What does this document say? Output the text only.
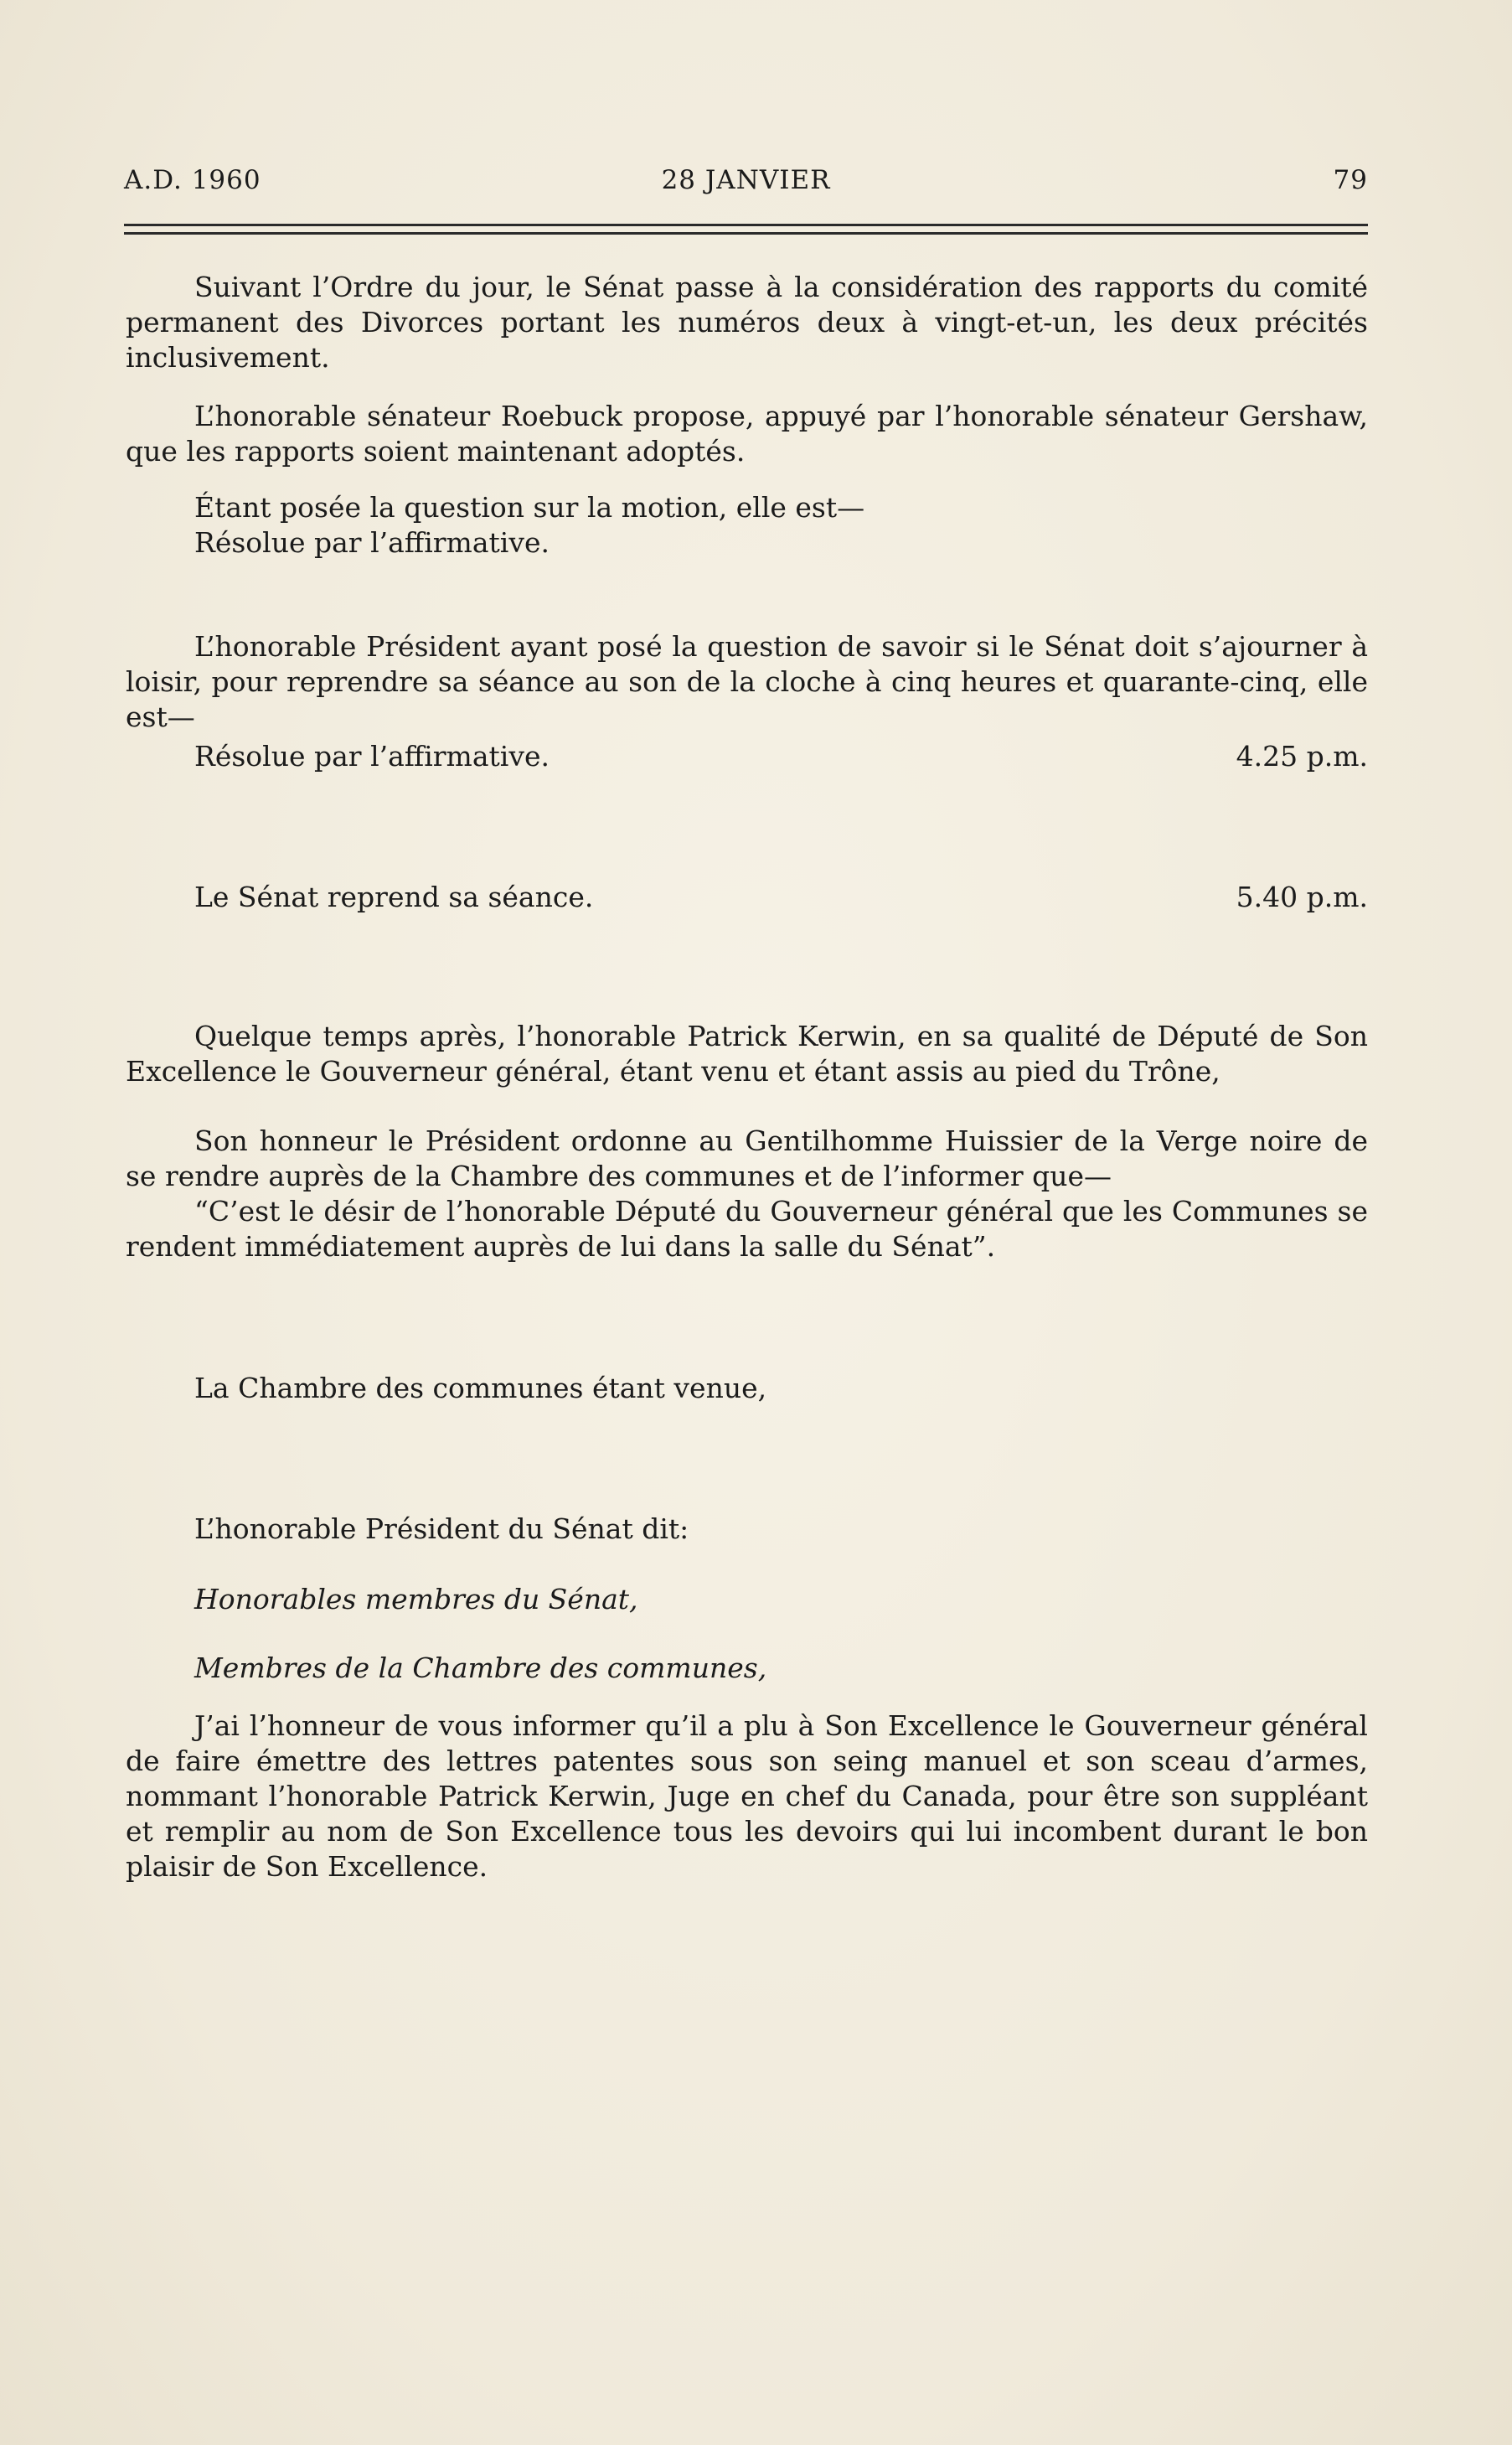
A.D. 1960	28 JANVIER	79
Suivant l’Ordre du jour, le Sénat passe à la considération des rapports du comité permanent des Divorces portant les numéros deux à vingt-et-un, les deux précités inclusivement.
L’honorable sénateur Roebuck propose, appuyé par l’honorable sénateur Gershaw, que les rapports soient maintenant adoptés.
Étant posée la question sur la motion, elle est—
Résolue par l’affirmative.
L’honorable Président ayant posé la question de savoir si le Sénat doit s’ajourner à loisir, pour reprendre sa séance au son de la cloche à cinq heures et quarante-cinq, elle est—
Résolue par l’affirmative.	4.25 p.m.
Le Sénat reprend sa séance.	5.40 p.m.
Quelque temps après, l’honorable Patrick Kerwin, en sa qualité de Député de Son Excellence le Gouverneur général, étant venu et étant assis au pied du Trône,
Son honneur le Président ordonne au Gentilhomme Huissier de la Verge noire de se rendre auprès de la Chambre des communes et de l’informer que—
“C’est le désir de l’honorable Député du Gouverneur général que les Communes se rendent immédiatement auprès de lui dans la salle du Sénat”.
La Chambre des communes étant venue,
L’honorable Président du Sénat dit:
Honorables membres du Sénat,
Membres de la Chambre des communes,
J’ai l’honneur de vous informer qu’il a plu à Son Excellence le Gouverneur général de faire émettre des lettres patentes sous son seing manuel et son sceau d’armes, nommant l’honorable Patrick Kerwin, Juge en chef du Canada, pour être son suppléant et remplir au nom de Son Excellence tous les devoirs qui lui incombent durant le bon plaisir de Son Excellence.
